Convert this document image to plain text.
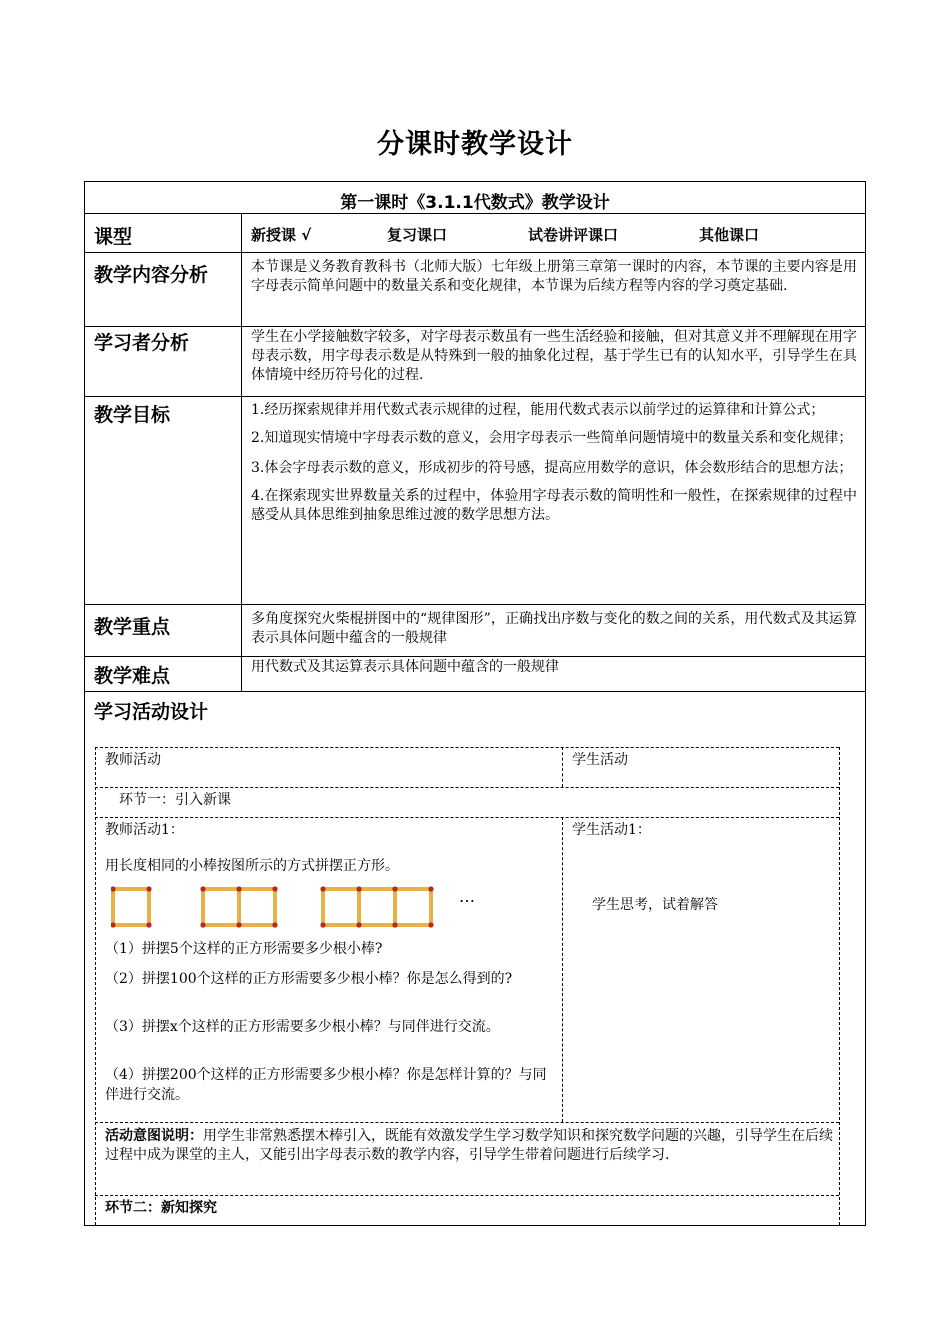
分课时教学设计
第一课时《3.1.1代数式》教学设计
课型	新授课 √	复习课口	试卷讲评课口	其他课口
教学内容分析	本节课是义务教育教科书（北师大版）七年级上册第三章第一课时的内容，本节课的主要内容是用字母表示简单问题中的数量关系和变化规律，本节课为后续方程等内容的学习奠定基础.
学习者分析	学生在小学接触数字较多，对字母表示数虽有一些生活经验和接触，但对其意义并不理解现在用字母表示数，用字母表示数是从特殊到一般的抽象化过程，基于学生已有的认知水平，引导学生在具体情境中经历符号化的过程.
教学目标	1.经历探索规律并用代数式表示规律的过程，能用代数式表示以前学过的运算律和计算公式；

2.知道现实情境中字母表示数的意义，会用字母表示一些简单问题情境中的数量关系和变化规律；

3.体会字母表示数的意义，形成初步的符号感，提高应用数学的意识，体会数形结合的思想方法；

4.在探索现实世界数量关系的过程中，体验用字母表示数的简明性和一般性，在探索规律的过程中感受从具体思维到抽象思维过渡的数学思想方法。

教学重点	多角度探究火柴棍拼图中的“规律图形”，正确找出序数与变化的数之间的关系，用代数式及其运算表示具体问题中蕴含的一般规律
教学难点	用代数式及其运算表示具体问题中蕴含的一般规律
学习活动设计
教师活动	学生活动
环节一：引入新课
教师活动1：	学生活动1：
用长度相同的小棒按图所示的方式拼摆正方形。
…	学生思考，试着解答
（1）拼摆5个这样的正方形需要多少根小棒?
（2）拼摆100个这样的正方形需要多少根小棒？你是怎么得到的?
（3）拼摆x个这样的正方形需要多少根小棒？与同伴进行交流。
（4）拼摆200个这样的正方形需要多少根小棒？你是怎样计算的？与同伴进行交流。
活动意图说明：用学生非常熟悉摆木棒引入，既能有效激发学生学习数学知识和探究数学问题的兴趣，引导学生在后续过程中成为课堂的主人，又能引出字母表示数的教学内容，引导学生带着问题进行后续学习.
环节二：新知探究
